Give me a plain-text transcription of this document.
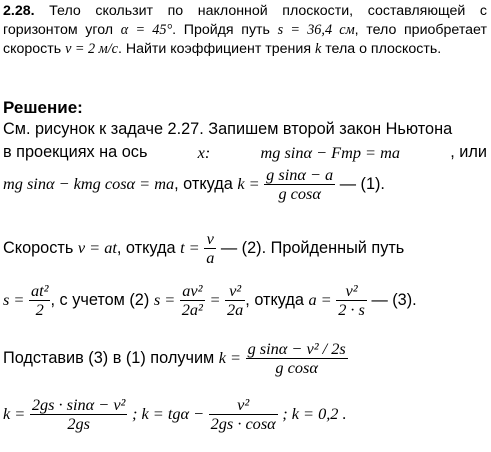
2.28. Тело скользит по наклонной плоскости, составляющей с горизонтом угол α = 45°. Пройдя путь s = 36,4 см, тело приобретает скорость v = 2 м/с. Найти коэффициент трения k тела о плоскость.
Решение:
См. рисунок к задаче 2.27. Запишем второй закон Ньютона
в проекциях на ось	x:	mg sinα − Fтр = ma	, или
mg sinα − kmg cosα = ma, откуда $k = \frac{\text{g sinα − a}}{\text{g cosα}}$ — (1).
Скорость v = at, откуда $t = \frac{v}{a}$ — (2). Пройденный путь
$s = \frac{\text{at²}}{2}$ , с учетом (2) $s = \frac{\text{av²}}{\text{2a²}} = \frac{\text{v²}}{2a}$ , откуда $a = \frac{\text{v²}}{2 \cdot s}$ — (3).
Подставив (3) в (1) получим $k = \frac{\text{g sinα − v² / 2s}}{\text{g cosα}}$
$k = \frac{\text{2gs · sinα − v²}}{2gs}$ ; $k = tg\alpha - \frac{\text{v²}}{2gs \cdot \cos\alpha}$ ; k = 0,2 .
